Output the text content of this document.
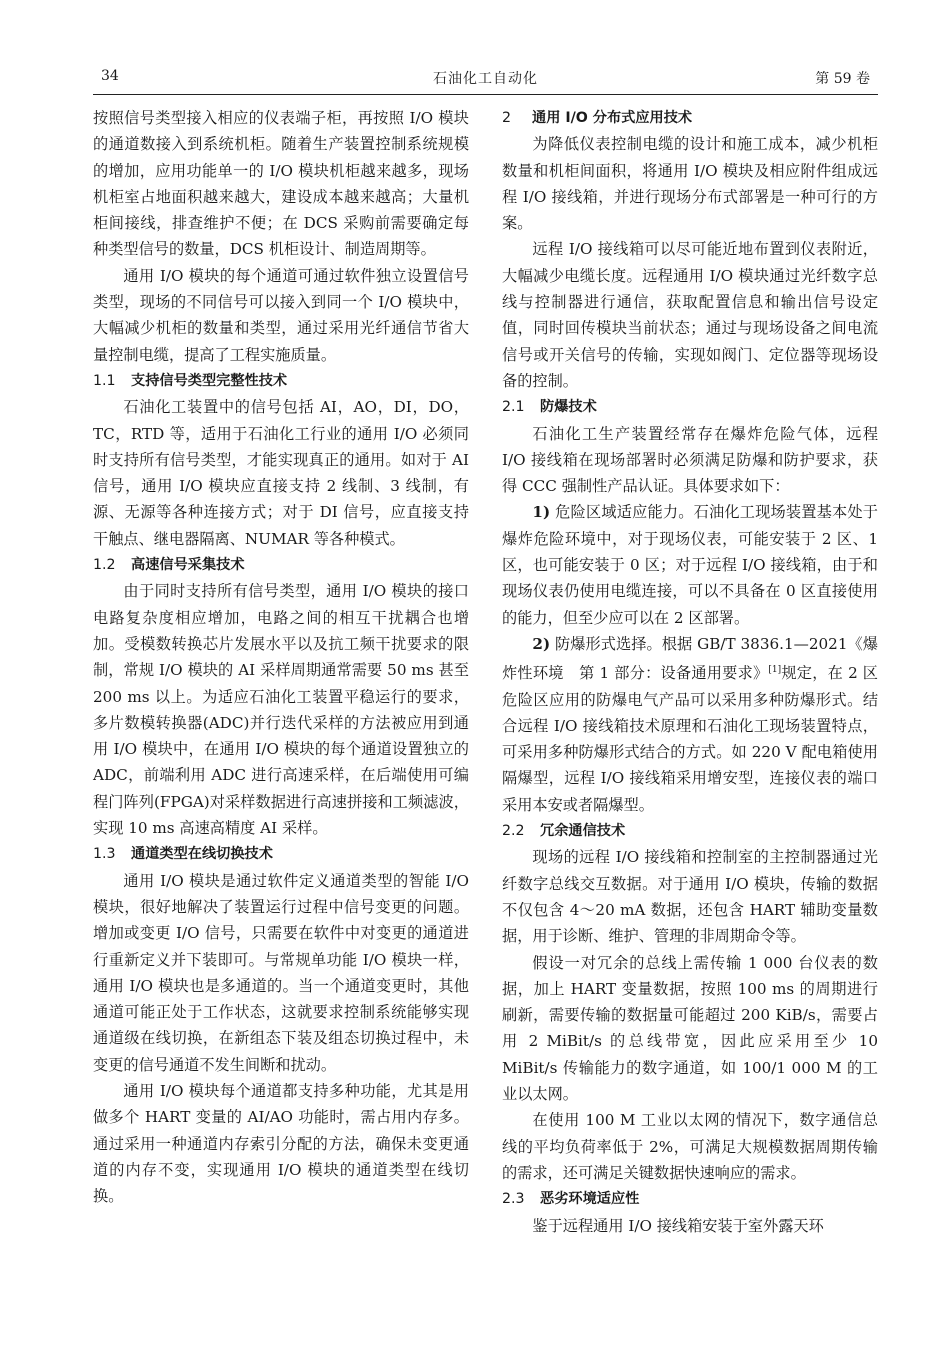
34	石油化工自动化	第 59 卷

按照信号类型接入相应的仪表端子柜，再按照 I/O 模块的通道数接入到系统机柜。随着生产装置控制系统规模的增加，应用功能单一的 I/O 模块机柜越来越多，现场机柜室占地面积越来越大，建设成本越来越高；大量机柜间接线，排查维护不便；在 DCS 采购前需要确定每种类型信号的数量，DCS 机柜设计、制造周期等。

通用 I/O 模块的每个通道可通过软件独立设置信号类型，现场的不同信号可以接入到同一个 I/O 模块中，大幅减少机柜的数量和类型，通过采用光纤通信节省大量控制电缆，提高了工程实施质量。

1.1 支持信号类型完整性技术

石油化工装置中的信号包括 AI，AO，DI，DO，TC，RTD 等，适用于石油化工行业的通用 I/O 必须同时支持所有信号类型，才能实现真正的通用。如对于 AI 信号，通用 I/O 模块应直接支持 2 线制、3 线制，有源、无源等各种连接方式；对于 DI 信号，应直接支持干触点、继电器隔离、NUMAR 等各种模式。

1.2 高速信号采集技术

由于同时支持所有信号类型，通用 I/O 模块的接口电路复杂度相应增加，电路之间的相互干扰耦合也增加。受模数转换芯片发展水平以及抗工频干扰要求的限制，常规 I/O 模块的 AI 采样周期通常需要 50 ms 甚至 200 ms 以上。为适应石油化工装置平稳运行的要求，多片数模转换器(ADC)并行迭代采样的方法被应用到通用 I/O 模块中，在通用 I/O 模块的每个通道设置独立的 ADC，前端利用 ADC 进行高速采样，在后端使用可编程门阵列(FPGA)对采样数据进行高速拼接和工频滤波，实现 10 ms 高速高精度 AI 采样。

1.3 通道类型在线切换技术

通用 I/O 模块是通过软件定义通道类型的智能 I/O 模块，很好地解决了装置运行过程中信号变更的问题。增加或变更 I/O 信号，只需要在软件中对变更的通道进行重新定义并下装即可。与常规单功能 I/O 模块一样，通用 I/O 模块也是多通道的。当一个通道变更时，其他通道可能正处于工作状态，这就要求控制系统能够实现通道级在线切换，在新组态下装及组态切换过程中，未变更的信号通道不发生间断和扰动。

通用 I/O 模块每个通道都支持多种功能，尤其是用做多个 HART 变量的 AI/AO 功能时，需占用内存多。通过采用一种通道内存索引分配的方法，确保未变更通道的内存不变，实现通用 I/O 模块的通道类型在线切换。

2 通用 I/O 分布式应用技术

为降低仪表控制电缆的设计和施工成本，减少机柜数量和机柜间面积，将通用 I/O 模块及相应附件组成远程 I/O 接线箱，并进行现场分布式部署是一种可行的方案。

远程 I/O 接线箱可以尽可能近地布置到仪表附近，大幅减少电缆长度。远程通用 I/O 模块通过光纤数字总线与控制器进行通信，获取配置信息和输出信号设定值，同时回传模块当前状态；通过与现场设备之间电流信号或开关信号的传输，实现如阀门、定位器等现场设备的控制。

2.1 防爆技术

石油化工生产装置经常存在爆炸危险气体，远程 I/O 接线箱在现场部署时必须满足防爆和防护要求，获得 CCC 强制性产品认证。具体要求如下：

1) 危险区域适应能力。石油化工现场装置基本处于爆炸危险环境中，对于现场仪表，可能安装于 2 区、1 区，也可能安装于 0 区；对于远程 I/O 接线箱，由于和现场仪表仍使用电缆连接，可以不具备在 0 区直接使用的能力，但至少应可以在 2 区部署。

2) 防爆形式选择。根据 GB/T 3836.1—2021《爆炸性环境　第 1 部分：设备通用要求》[1]规定，在 2 区危险区应用的防爆电气产品可以采用多种防爆形式。结合远程 I/O 接线箱技术原理和石油化工现场装置特点，可采用多种防爆形式结合的方式。如 220 V 配电箱使用隔爆型，远程 I/O 接线箱采用增安型，连接仪表的端口采用本安或者隔爆型。

2.2 冗余通信技术

现场的远程 I/O 接线箱和控制室的主控制器通过光纤数字总线交互数据。对于通用 I/O 模块，传输的数据不仅包含 4～20 mA 数据，还包含 HART 辅助变量数据，用于诊断、维护、管理的非周期命令等。

假设一对冗余的总线上需传输 1 000 台仪表的数据，加上 HART 变量数据，按照 100 ms 的周期进行刷新，需要传输的数据量可能超过 200 KiB/s，需要占用 2 MiBit/s 的总线带宽，因此应采用至少 10 MiBit/s 传输能力的数字通道，如 100/1 000 M 的工业以太网。

在使用 100 M 工业以太网的情况下，数字通信总线的平均负荷率低于 2%，可满足大规模数据周期传输的需求，还可满足关键数据快速响应的需求。

2.3 恶劣环境适应性

鉴于远程通用 I/O 接线箱安装于室外露天环
